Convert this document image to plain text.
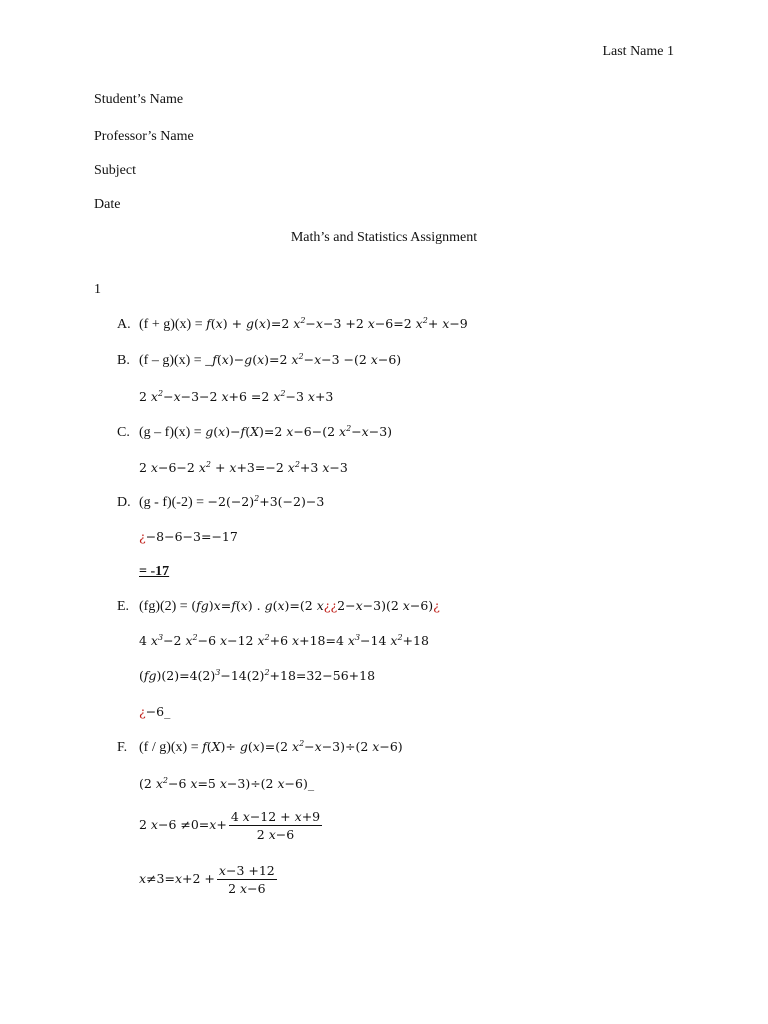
Last Name 1
Student’s Name
Professor’s Name
Subject
Date
Math’s and Statistics Assignment
1
A. (f + g)(x) = f(x) + g(x)=2 $x^2-x-3 +2$ x−6=2 $x^2+ x-9$
B. (f – g)(x) = _f(x)−g(x)=2 $x^2-x-3 -(2$ x−6)
2 $x^2-x-3-2$ x+6 =2 $x^2-3$ x+3
C. (g – f)(x) = g(x)−f(X)=2 x−6−(2 $x^2-x-3$)
2 x−6−2 $x^2 + x+3=-2$ $x^2+3$ x−3
D. $(g - f)(-2) = -2(-2)^2+3(-2)-3$
¿−8−6−3=−17
= -17
E. (fg)(2) = (fg)x=f(x) . g(x)=(2 x¿¿2−x−3)(2 x−6)¿
4 $x^3-2$ $x^2-6$ x−12 $x^2+6$ x+18=4 $x^3-14$ $x^2+18$
$(fg)(2)=4(2)^3-14(2)^2+18=32-56+18$
¿−6_
F. (f / g)(x) = f(X)÷ g(x)=(2 $x^2-x-3)\div(2$ x−6)
(2 $x^2-6$ x=5 x−3)÷(2 x−6)_
2 $x-6 \ne 0=x+ \frac{4 x-12 + x+9}{2 x-6}$
$x\ne 3=x+2 + \frac{x-3 +12}{2 x-6}$
